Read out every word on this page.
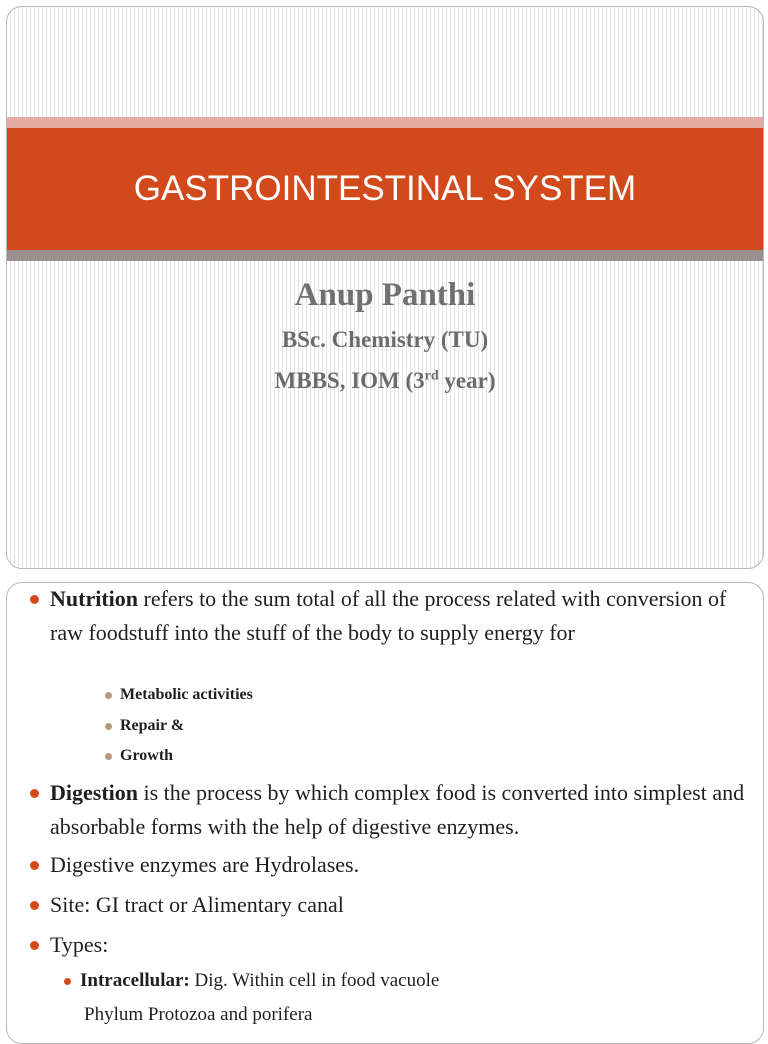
GASTROINTESTINAL SYSTEM
Anup Panthi
BSc. Chemistry (TU)
MBBS, IOM (3rd year)
Nutrition refers to the sum total of all the process related with conversion of raw foodstuff into the stuff of the body to supply energy for
Metabolic activities
Repair &
Growth
Digestion is the process by which complex food is converted into simplest and absorbable forms with the help of digestive enzymes.
Digestive enzymes are Hydrolases.
Site: GI tract or Alimentary canal
Types:
Intracellular: Dig. Within cell in food vacuole
Phylum Protozoa and porifera
